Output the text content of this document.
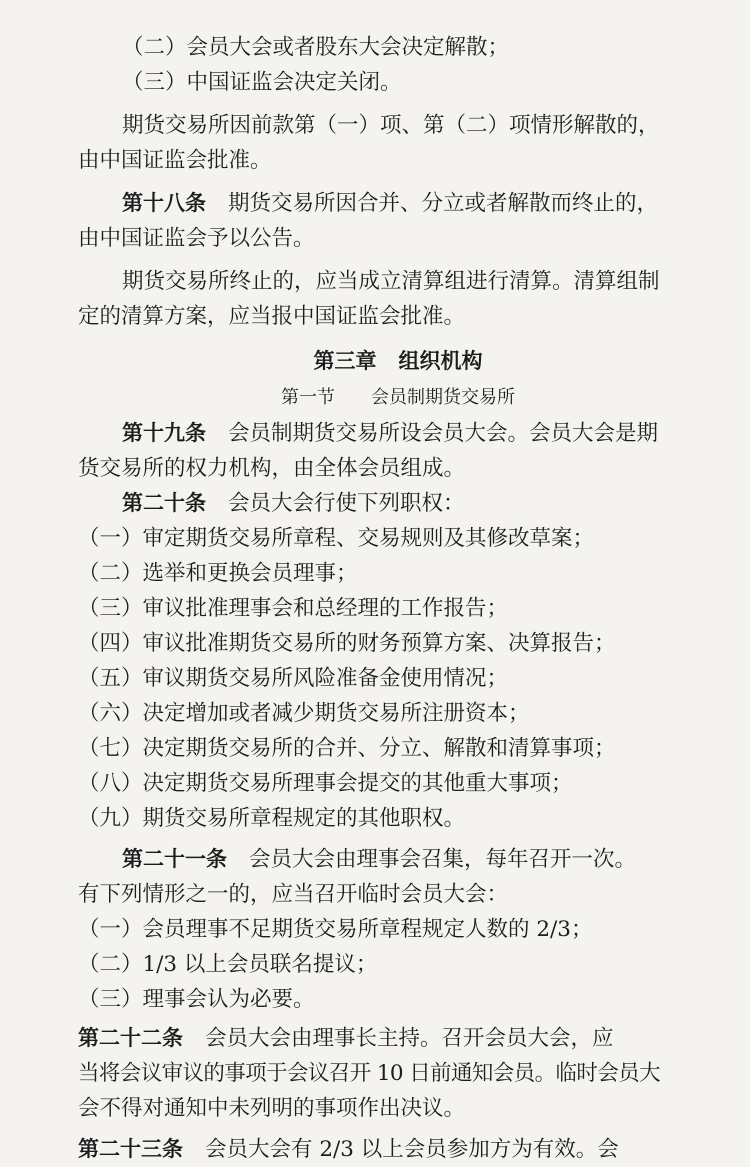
（二）会员大会或者股东大会决定解散；
（三）中国证监会决定关闭。
期货交易所因前款第（一）项、第（二）项情形解散的，
由中国证监会批准。
第十八条 期货交易所因合并、分立或者解散而终止的，
由中国证监会予以公告。
期货交易所终止的，应当成立清算组进行清算。清算组制
定的清算方案，应当报中国证监会批准。
第三章 组织机构
第一节 会员制期货交易所
第十九条 会员制期货交易所设会员大会。会员大会是期
货交易所的权力机构，由全体会员组成。
第二十条 会员大会行使下列职权：
（一）审定期货交易所章程、交易规则及其修改草案；
（二）选举和更换会员理事；
（三）审议批准理事会和总经理的工作报告；
（四）审议批准期货交易所的财务预算方案、决算报告；
（五）审议期货交易所风险准备金使用情况；
（六）决定增加或者减少期货交易所注册资本；
（七）决定期货交易所的合并、分立、解散和清算事项；
（八）决定期货交易所理事会提交的其他重大事项；
（九）期货交易所章程规定的其他职权。
第二十一条 会员大会由理事会召集，每年召开一次。
有下列情形之一的，应当召开临时会员大会：
（一）会员理事不足期货交易所章程规定人数的 2/3；
（二）1/3 以上会员联名提议；
（三）理事会认为必要。
第二十二条 会员大会由理事长主持。召开会员大会，应
当将会议审议的事项于会议召开 10 日前通知会员。临时会员大
会不得对通知中未列明的事项作出决议。
第二十三条 会员大会有 2/3 以上会员参加方为有效。会
